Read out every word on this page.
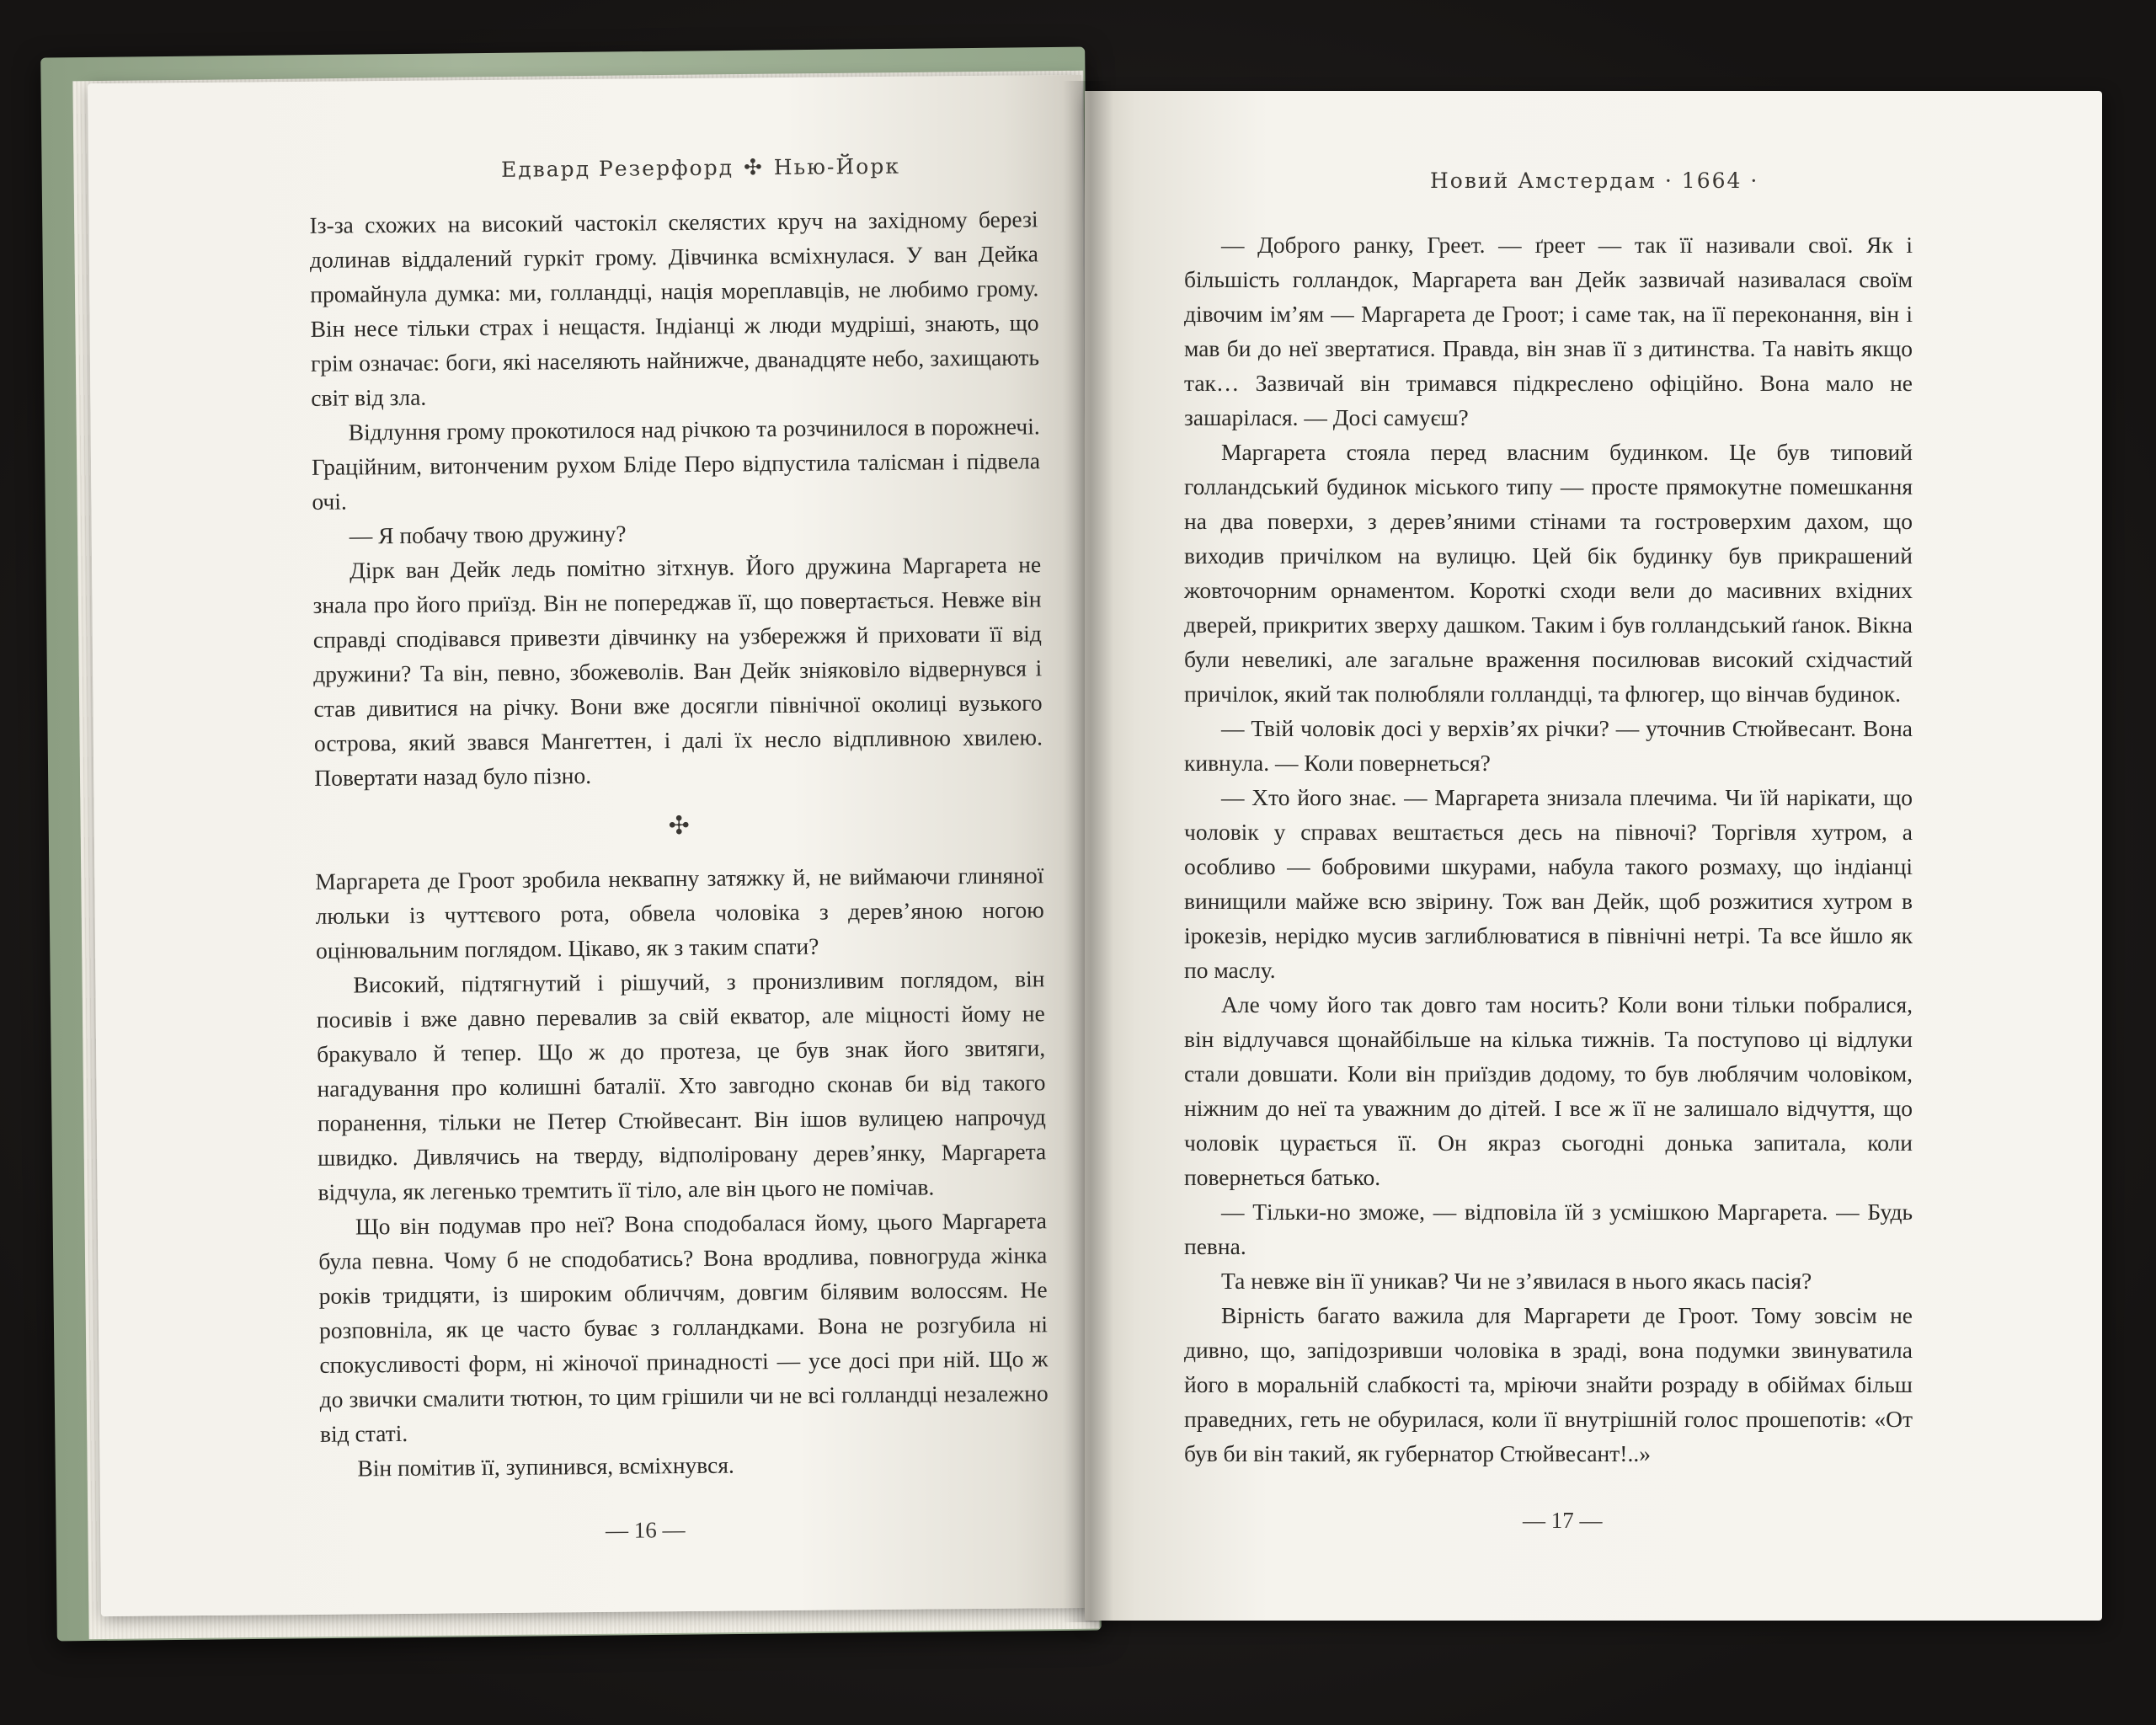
Едвард Резерфорд ✣ Нью-Йорк

Із-за схожих на високий частокіл скелястих круч на західному березі долинав віддалений гуркіт грому. Дівчинка всміхнулася. У ван Дейка промайнула думка: ми, голландці, нація мореплавців, не любимо грому. Він несе тільки страх і нещастя. Індіанці ж люди мудріші, знають, що грім означає: боги, які населяють найнижче, дванадцяте небо, захищають світ від зла.

Відлуння грому прокотилося над річкою та розчинилося в порожнечі. Граційним, витонченим рухом Бліде Перо відпустила талісман і підвела очі.

— Я побачу твою дружину?

Дірк ван Дейк ледь помітно зітхнув. Його дружина Маргарета не знала про його приїзд. Він не попереджав її, що повертається. Невже він справді сподівався привезти дівчинку на узбережжя й приховати її від дружини? Та він, певно, збожеволів. Ван Дейк зніяковіло відвернувся і став дивитися на річку. Вони вже досягли північної околиці вузького острова, який звався Мангеттен, і далі їх несло відпливною хвилею. Повертати назад було пізно.

✣

Маргарета де Гроот зробила неквапну затяжку й, не виймаючи глиняної люльки із чуттєвого рота, обвела чоловіка з дерев’яною ногою оцінювальним поглядом. Цікаво, як з таким спати?

Високий, підтягнутий і рішучий, з пронизливим поглядом, він посивів і вже давно перевалив за свій екватор, але міцності йому не бракувало й тепер. Що ж до протеза, це був знак його звитяги, нагадування про колишні баталії. Хто завгодно сконав би від такого поранення, тільки не Петер Стюйвесант. Він ішов вулицею напрочуд швидко. Дивлячись на тверду, відполіровану дерев’янку, Маргарета відчула, як легенько тремтить її тіло, але він цього не помічав.

Що він подумав про неї? Вона сподобалася йому, цього Маргарета була певна. Чому б не сподобатись? Вона вродлива, повногруда жінка років тридцяти, із широким обличчям, довгим білявим волоссям. Не розповніла, як це часто буває з голландками. Вона не розгубила ні спокусливості форм, ні жіночої принадності — усе досі при ній. Що ж до звички смалити тютюн, то цим грішили чи не всі голландці незалежно від статі.

Він помітив її, зупинився, всміхнувся.

— 16 —
Новий Амстердам · 1664 ·

— Доброго ранку, Греет. — ґреет — так її називали свої. Як і більшість голландок, Маргарета ван Дейк зазвичай називалася своїм дівочим ім’ям — Маргарета де Гроот; і саме так, на її переконання, він і мав би до неї звертатися. Правда, він знав її з дитинства. Та навіть якщо так… Зазвичай він тримався підкреслено офіційно. Вона мало не зашарілася. — Досі самуєш?

Маргарета стояла перед власним будинком. Це був типовий голландський будинок міського типу — просте прямокутне помешкання на два поверхи, з дерев’яними стінами та гостроверхим дахом, що виходив причілком на вулицю. Цей бік будинку був прикрашений жовточорним орнаментом. Короткі сходи вели до масивних вхідних дверей, прикритих зверху дашком. Таким і був голландський ґанок. Вікна були невеликі, але загальне враження посилював високий східчастий причілок, який так полюбляли голландці, та флюгер, що вінчав будинок.

— Твій чоловік досі у верхів’ях річки? — уточнив Стюйвесант. Вона кивнула. — Коли повернеться?

— Хто його знає. — Маргарета знизала плечима. Чи їй нарікати, що чоловік у справах вештається десь на півночі? Торгівля хутром, а особливо — бобровими шкурами, набула такого розмаху, що індіанці винищили майже всю звірину. Тож ван Дейк, щоб розжитися хутром в ірокезів, нерідко мусив заглиблюватися в північні нетрі. Та все йшло як по маслу.

Але чому його так довго там носить? Коли вони тільки побралися, він відлучався щонайбільше на кілька тижнів. Та поступово ці відлуки стали довшати. Коли він приїздив додому, то був люблячим чоловіком, ніжним до неї та уважним до дітей. І все ж її не залишало відчуття, що чоловік цурається її. Он якраз сьогодні донька запитала, коли повернеться батько.

— Тільки-но зможе, — відповіла їй з усмішкою Маргарета. — Будь певна.

Та невже він її уникав? Чи не з’явилася в нього якась пасія?

Вірність багато важила для Маргарети де Гроот. Тому зовсім не дивно, що, запідозривши чоловіка в зраді, вона подумки звинуватила його в моральній слабкості та, мріючи знайти розраду в обіймах більш праведних, геть не обурилася, коли її внутрішній голос прошепотів: «От був би він такий, як губернатор Стюйвесант!..»

— 17 —
